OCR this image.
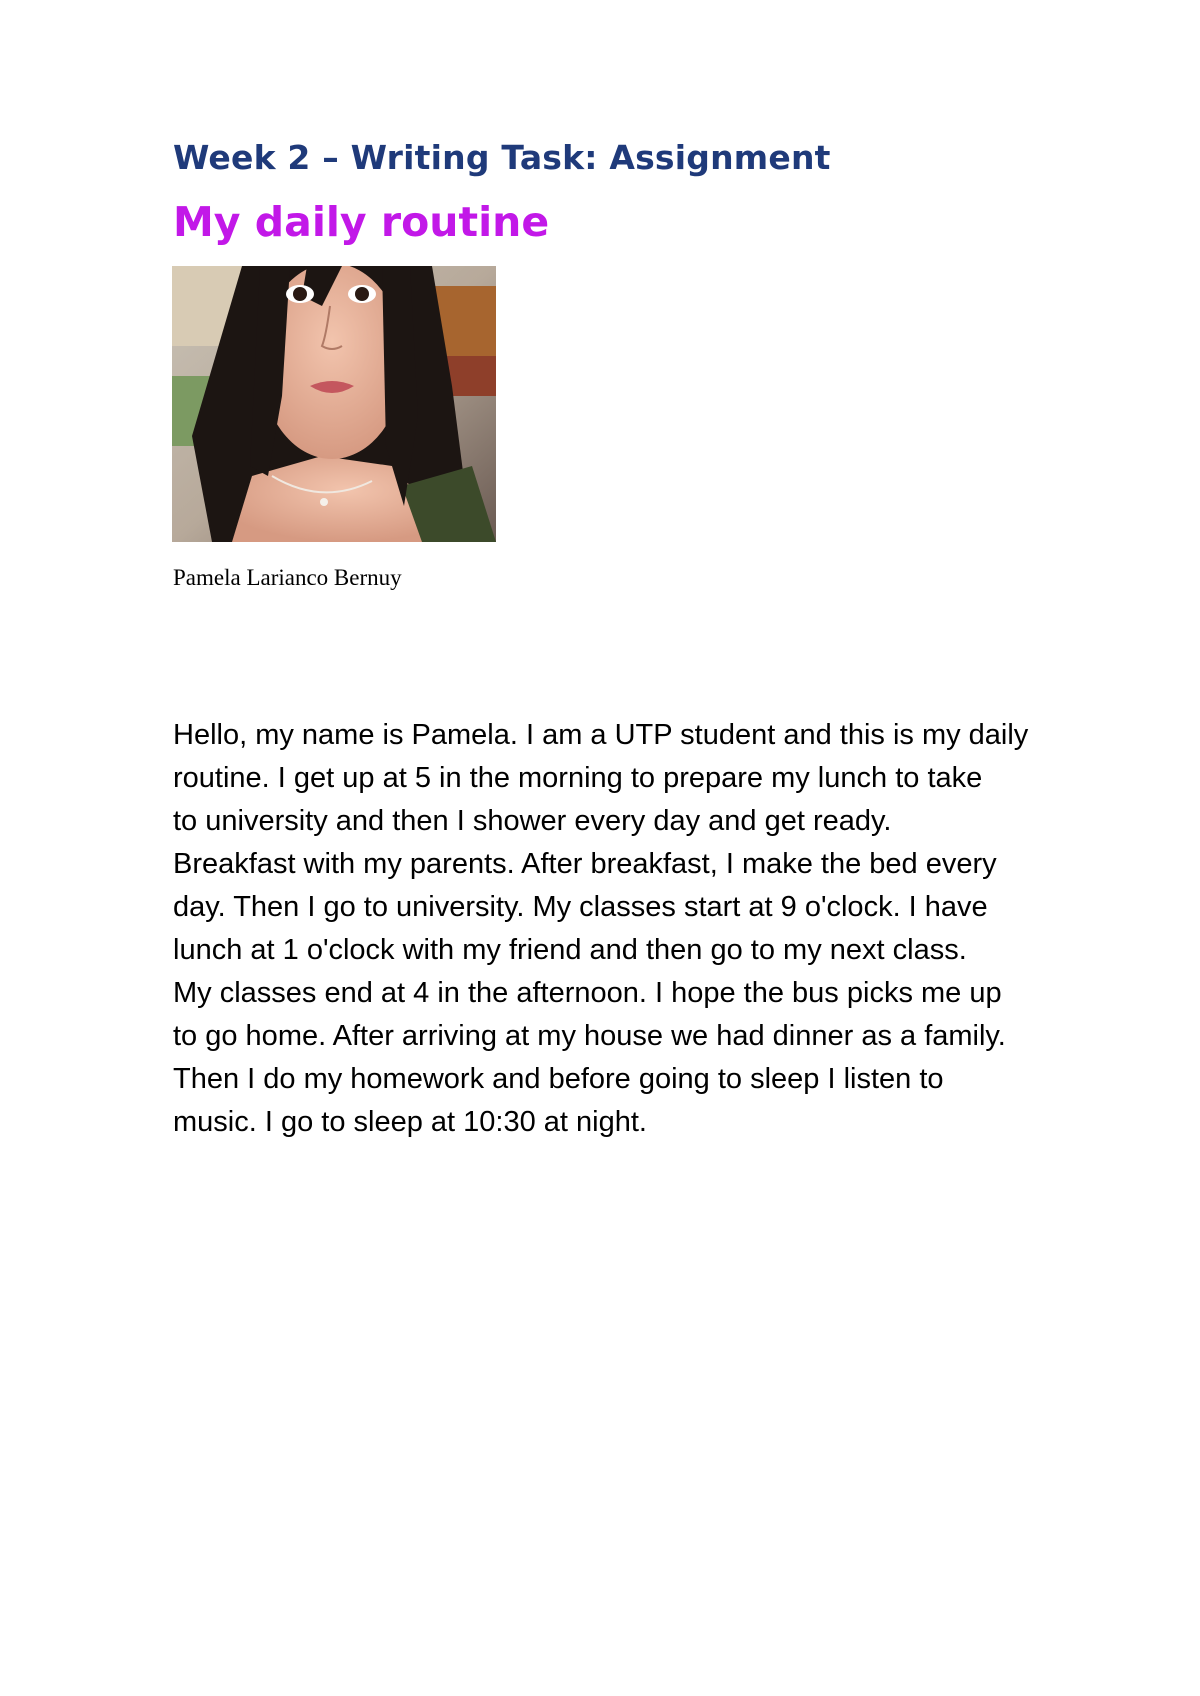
Week 2 – Writing Task: Assignment
My daily routine

Pamela Larianco Bernuy

Hello, my name is Pamela. I am a UTP student and this is my daily
routine. I get up at 5 in the morning to prepare my lunch to take
to university and then I shower every day and get ready.
Breakfast with my parents. After breakfast, I make the bed every
day. Then I go to university. My classes start at 9 o'clock. I have
lunch at 1 o'clock with my friend and then go to my next class.
My classes end at 4 in the afternoon. I hope the bus picks me up
to go home. After arriving at my house we had dinner as a family.
Then I do my homework and before going to sleep I listen to
music. I go to sleep at 10:30 at night.
